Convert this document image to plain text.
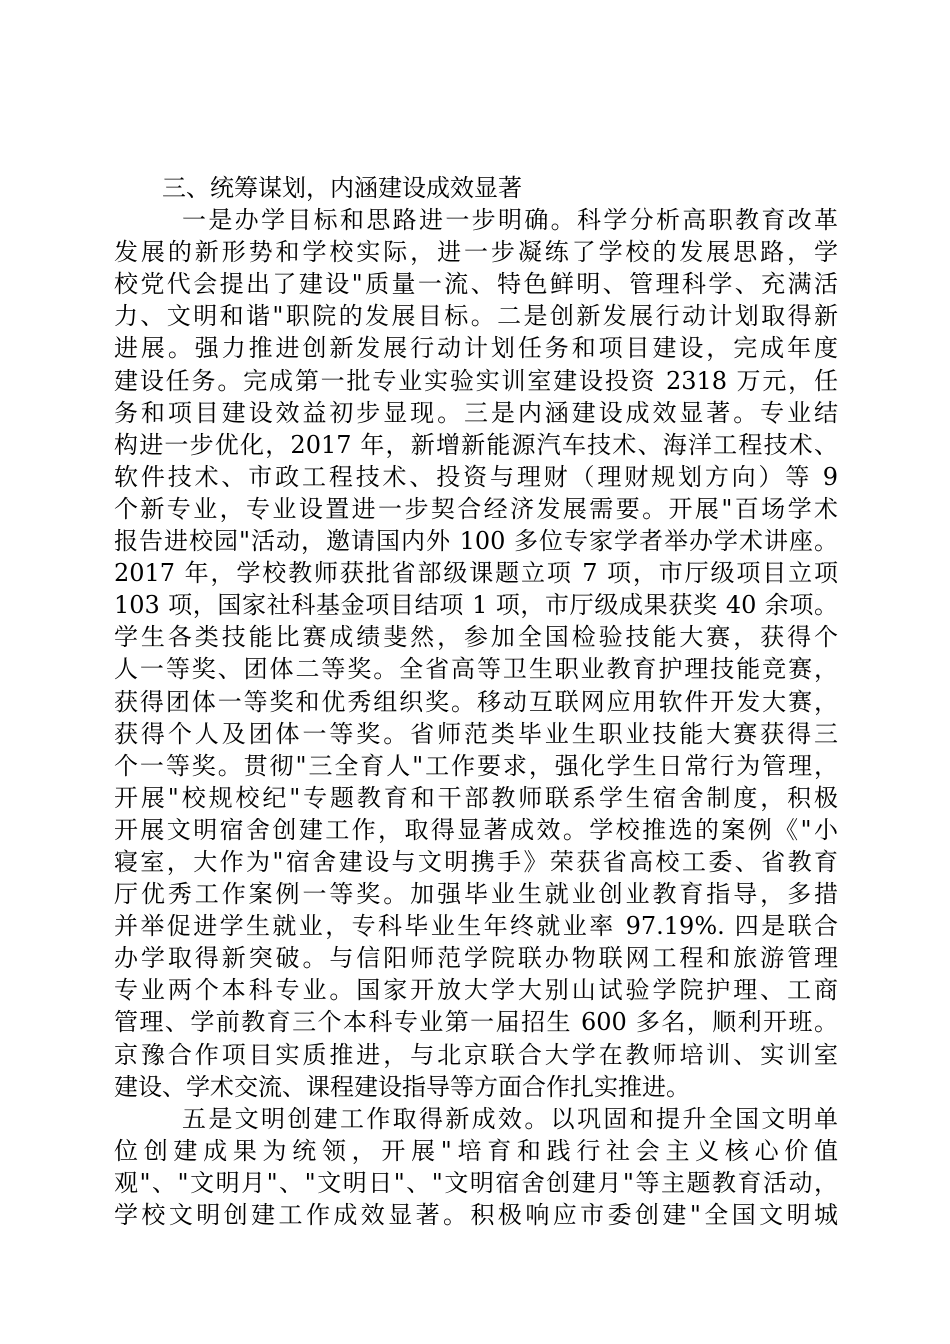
三、统筹谋划，内涵建设成效显著
一是办学目标和思路进一步明确。科学分析高职教育改革
发展的新形势和学校实际，进一步凝练了学校的发展思路，学
校党代会提出了建设"质量一流、特色鲜明、管理科学、充满活
力、文明和谐"职院的发展目标。二是创新发展行动计划取得新
进展。强力推进创新发展行动计划任务和项目建设，完成年度
建设任务。完成第一批专业实验实训室建设投资 2318 万元，任
务和项目建设效益初步显现。三是内涵建设成效显著。专业结
构进一步优化，2017 年，新增新能源汽车技术、海洋工程技术、
软件技术、市政工程技术、投资与理财（理财规划方向）等 9
个新专业，专业设置进一步契合经济发展需要。开展"百场学术
报告进校园"活动，邀请国内外 100 多位专家学者举办学术讲座。
2017 年，学校教师获批省部级课题立项 7 项，市厅级项目立项
103 项，国家社科基金项目结项 1 项，市厅级成果获奖 40 余项。
学生各类技能比赛成绩斐然，参加全国检验技能大赛，获得个
人一等奖、团体二等奖。全省高等卫生职业教育护理技能竞赛，
获得团体一等奖和优秀组织奖。移动互联网应用软件开发大赛，
获得个人及团体一等奖。省师范类毕业生职业技能大赛获得三
个一等奖。贯彻"三全育人"工作要求，强化学生日常行为管理，
开展"校规校纪"专题教育和干部教师联系学生宿舍制度，积极
开展文明宿舍创建工作，取得显著成效。学校推选的案例《"小
寝室，大作为"宿舍建设与文明携手》荣获省高校工委、省教育
厅优秀工作案例一等奖。加强毕业生就业创业教育指导，多措
并举促进学生就业，专科毕业生年终就业率 97.19%. 四是联合
办学取得新突破。与信阳师范学院联办物联网工程和旅游管理
专业两个本科专业。国家开放大学大别山试验学院护理、工商
管理、学前教育三个本科专业第一届招生 600 多名，顺利开班。
京豫合作项目实质推进，与北京联合大学在教师培训、实训室
建设、学术交流、课程建设指导等方面合作扎实推进。
五是文明创建工作取得新成效。以巩固和提升全国文明单
位创建成果为统领，开展"培育和践行社会主义核心价值
观"、"文明月"、"文明日"、"文明宿舍创建月"等主题教育活动，
学校文明创建工作成效显著。积极响应市委创建"全国文明城
